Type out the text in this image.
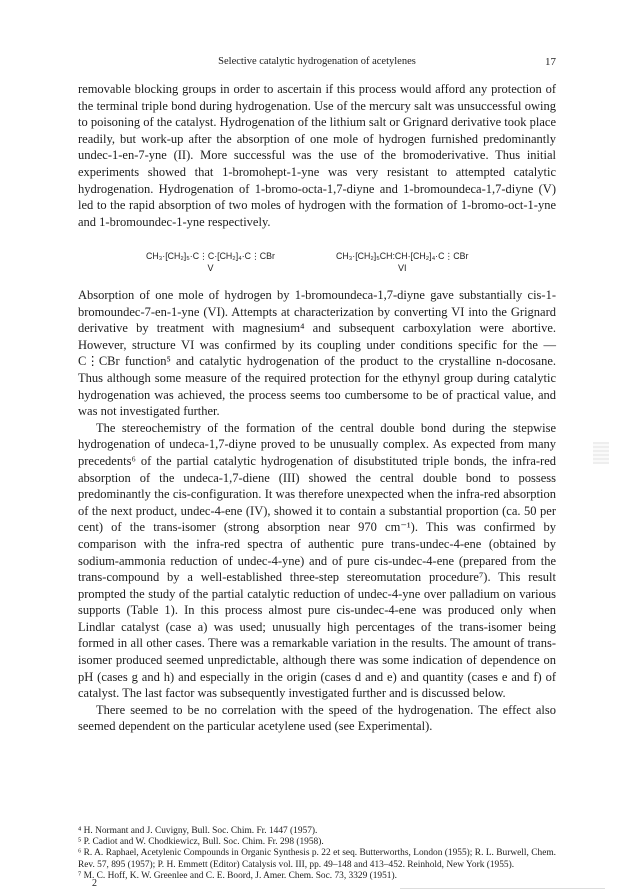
Selective catalytic hydrogenation of acetylenes	17

removable blocking groups in order to ascertain if this process would afford any protection of the terminal triple bond during hydrogenation. Use of the mercury salt was unsuccessful owing to poisoning of the catalyst. Hydrogenation of the lithium salt or Grignard derivative took place readily, but work-up after the absorption of one mole of hydrogen furnished predominantly undec-1-en-7-yne (II). More successful was the use of the bromoderivative. Thus initial experiments showed that 1-bromohept-1-yne was very resistant to attempted catalytic hydrogenation. Hydrogenation of 1-bromo-octa-1,7-diyne and 1-bromoundeca-1,7-diyne (V) led to the rapid absorption of two moles of hydrogen with the formation of 1-bromo-oct-1-yne and 1-bromoundec-1-yne respectively.

CH₃·[CH₂]₅·C⋮C·[CH₂]₄·C⋮CBr
V
CH₃·[CH₂]₅CH:CH·[CH₂]₄·C⋮CBr
VI

Absorption of one mole of hydrogen by 1-bromoundeca-1,7-diyne gave substantially cis-1-bromoundec-7-en-1-yne (VI). Attempts at characterization by converting VI into the Grignard derivative by treatment with magnesium⁴ and subsequent carboxylation were abortive. However, structure VI was confirmed by its coupling under conditions specific for the —C⋮CBr function⁵ and catalytic hydrogenation of the product to the crystalline n-docosane. Thus although some measure of the required protection for the ethynyl group during catalytic hydrogenation was achieved, the process seems too cumbersome to be of practical value, and was not investigated further.

The stereochemistry of the formation of the central double bond during the stepwise hydrogenation of undeca-1,7-diyne proved to be unusually complex. As expected from many precedents⁶ of the partial catalytic hydrogenation of disubstituted triple bonds, the infra-red absorption of the undeca-1,7-diene (III) showed the central double bond to possess predominantly the cis-configuration. It was therefore unexpected when the infra-red absorption of the next product, undec-4-ene (IV), showed it to contain a substantial proportion (ca. 50 per cent) of the trans-isomer (strong absorption near 970 cm⁻¹). This was confirmed by comparison with the infra-red spectra of authentic pure trans-undec-4-ene (obtained by sodium-ammonia reduction of undec-4-yne) and of pure cis-undec-4-ene (prepared from the trans-compound by a well-established three-step stereomutation procedure⁷). This result prompted the study of the partial catalytic reduction of undec-4-yne over palladium on various supports (Table 1). In this process almost pure cis-undec-4-ene was produced only when Lindlar catalyst (case a) was used; unusually high percentages of the trans-isomer being formed in all other cases. There was a remarkable variation in the results. The amount of trans-isomer produced seemed unpredictable, although there was some indication of dependence on pH (cases g and h) and especially in the origin (cases d and e) and quantity (cases e and f) of catalyst. The last factor was subsequently investigated further and is discussed below.

There seemed to be no correlation with the speed of the hydrogenation. The effect also seemed dependent on the particular acetylene used (see Experimental).

⁴ H. Normant and J. Cuvigny, Bull. Soc. Chim. Fr. 1447 (1957).

⁵ P. Cadiot and W. Chodkiewicz, Bull. Soc. Chim. Fr. 298 (1958).

⁶ R. A. Raphael, Acetylenic Compounds in Organic Synthesis p. 22 et seq. Butterworths, London (1955); R. L. Burwell, Chem. Rev. 57, 895 (1957); P. H. Emmett (Editor) Catalysis vol. III, pp. 49–148 and 413–452. Reinhold, New York (1955).

⁷ M. C. Hoff, K. W. Greenlee and C. E. Boord, J. Amer. Chem. Soc. 73, 3329 (1951).

2
